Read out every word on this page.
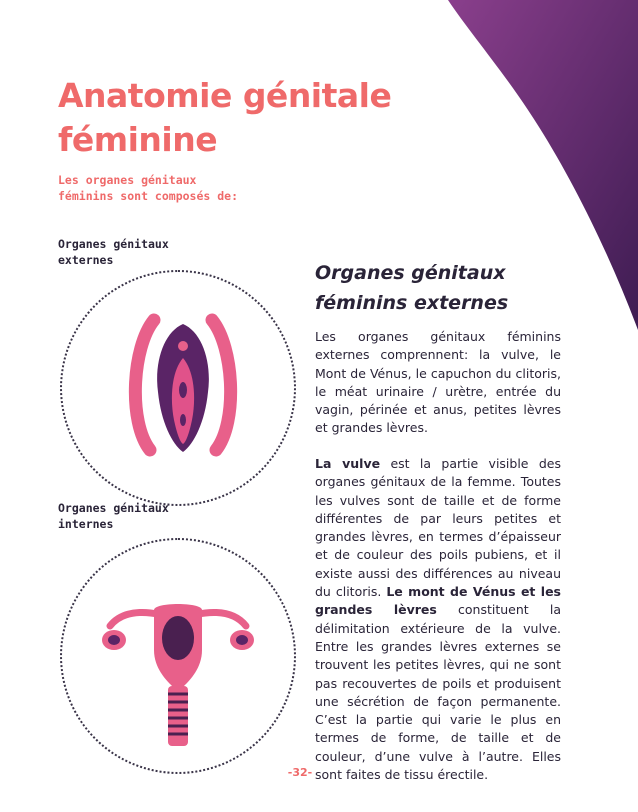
Anatomie génitale
féminine
Les organes génitaux
féminins sont composés de:
Organes génitaux
externes
Organes génitaux
internes
Organes génitaux
féminins externes

Les organes génitaux féminins externes comprennent: la vulve, le Mont de Vénus, le capuchon du clitoris, le méat urinaire / urètre, entrée du vagin, périnée et anus, petites lèvres et grandes lèvres.

La vulve est la partie visible des organes génitaux de la femme. Toutes les vulves sont de taille et de forme différentes de par leurs petites et grandes lèvres, en termes d’épaisseur et de couleur des poils pubiens, et il existe aussi des différences au niveau du clitoris. Le mont de Vénus et les grandes lèvres constituent la délimitation extérieure de la vulve. Entre les grandes lèvres externes se trouvent les petites lèvres, qui ne sont pas recouvertes de poils et produisent une sécrétion de façon permanente. C’est la partie qui varie le plus en termes de forme, de taille et de couleur, d’une vulve à l’autre. Elles sont faites de tissu érectile.

-32-
